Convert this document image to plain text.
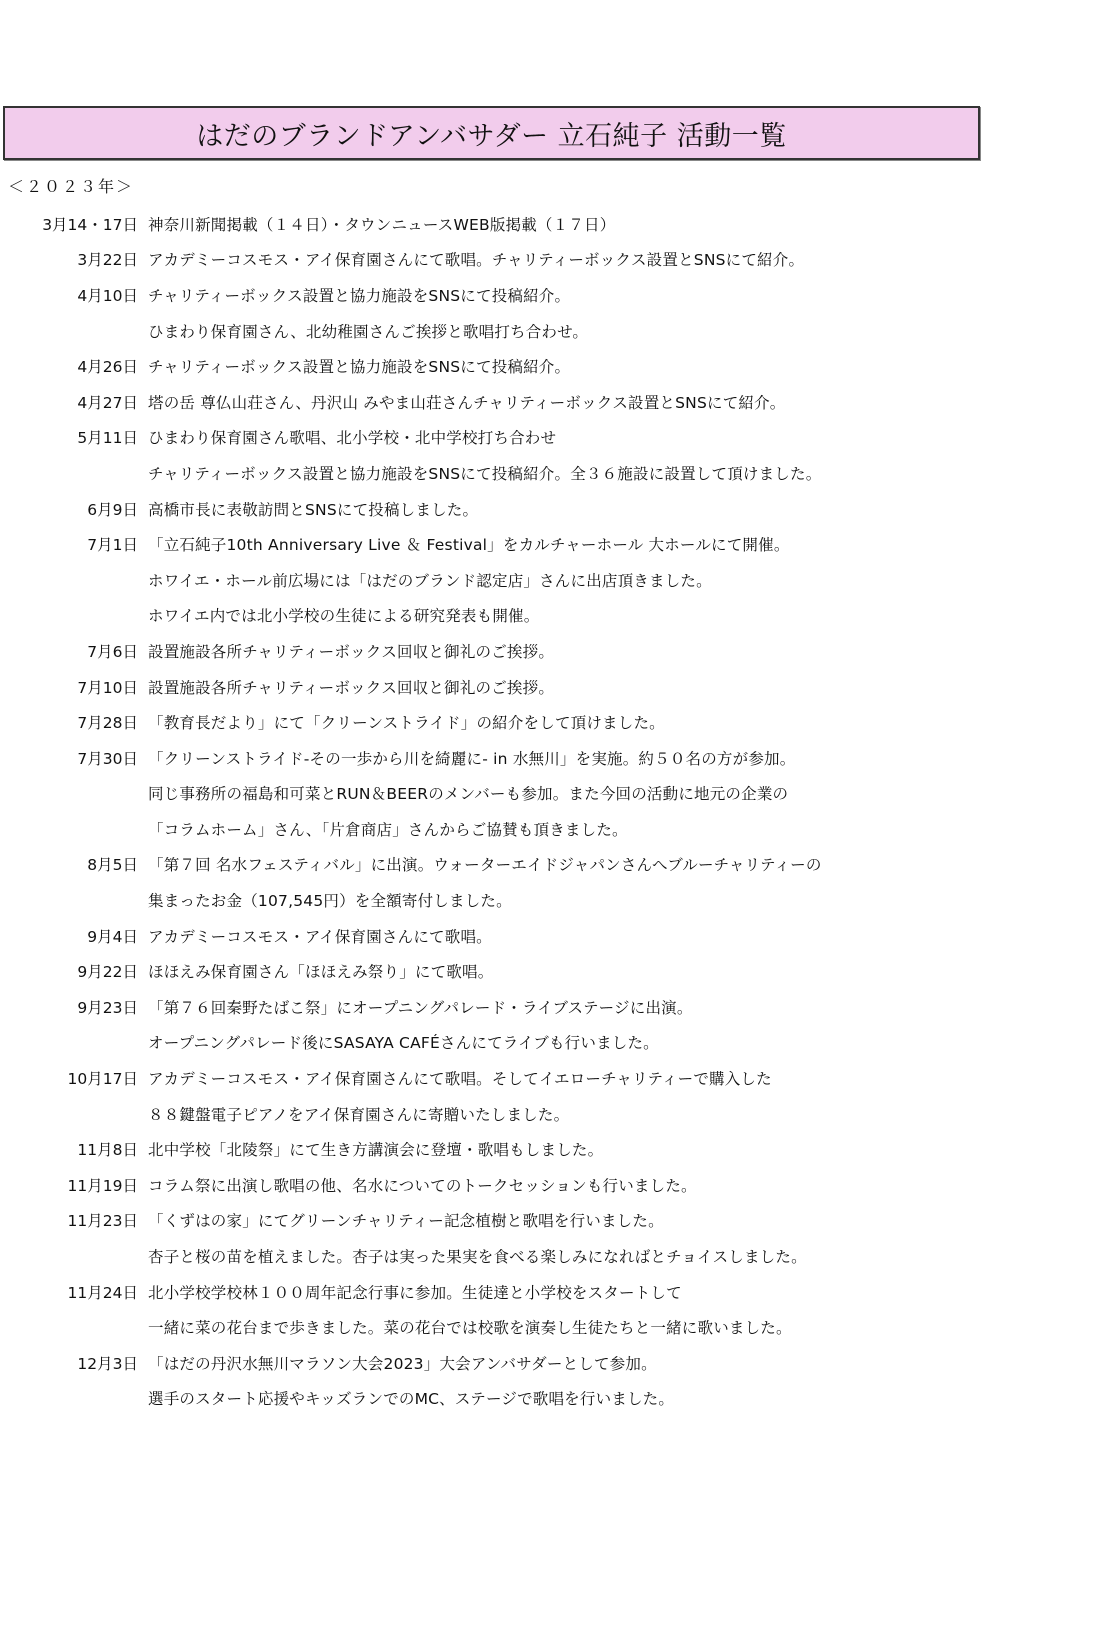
はだのブランドアンバサダー 立石純子 活動一覧
＜２０２３年＞
3月14・17日 神奈川新聞掲載（１４日）・タウンニュースWEB版掲載（１７日）
3月22日 アカデミーコスモス・アイ保育園さんにて歌唱。チャリティーボックス設置とSNSにて紹介。
4月10日 チャリティーボックス設置と協力施設をSNSにて投稿紹介。
ひまわり保育園さん、北幼稚園さんご挨拶と歌唱打ち合わせ。
4月26日 チャリティーボックス設置と協力施設をSNSにて投稿紹介。
4月27日 塔の岳 尊仏山荘さん、丹沢山 みやま山荘さんチャリティーボックス設置とSNSにて紹介。
5月11日 ひまわり保育園さん歌唱、北小学校・北中学校打ち合わせ
チャリティーボックス設置と協力施設をSNSにて投稿紹介。全３６施設に設置して頂けました。
6月9日 高橋市長に表敬訪問とSNSにて投稿しました。
7月1日 「立石純子10th Anniversary Live ＆ Festival」をカルチャーホール 大ホールにて開催。
ホワイエ・ホール前広場には「はだのブランド認定店」さんに出店頂きました。
ホワイエ内では北小学校の生徒による研究発表も開催。
7月6日 設置施設各所チャリティーボックス回収と御礼のご挨拶。
7月10日 設置施設各所チャリティーボックス回収と御礼のご挨拶。
7月28日 「教育長だより」にて「クリーンストライド」の紹介をして頂けました。
7月30日 「クリーンストライド-その一歩から川を綺麗に- in 水無川」を実施。約５０名の方が参加。
同じ事務所の福島和可菜とRUN＆BEERのメンバーも参加。また今回の活動に地元の企業の
「コラムホーム」さん、「片倉商店」さんからご協賛も頂きました。
8月5日 「第７回 名水フェスティバル」に出演。ウォーターエイドジャパンさんへブルーチャリティーの
集まったお金（107,545円）を全額寄付しました。
9月4日 アカデミーコスモス・アイ保育園さんにて歌唱。
9月22日 ほほえみ保育園さん「ほほえみ祭り」にて歌唱。
9月23日 「第７６回秦野たばこ祭」にオープニングパレード・ライブステージに出演。
オープニングパレード後にSASAYA CAFÉさんにてライブも行いました。
10月17日 アカデミーコスモス・アイ保育園さんにて歌唱。そしてイエローチャリティーで購入した
８８鍵盤電子ピアノをアイ保育園さんに寄贈いたしました。
11月8日 北中学校「北陵祭」にて生き方講演会に登壇・歌唱もしました。
11月19日 コラム祭に出演し歌唱の他、名水についてのトークセッションも行いました。
11月23日 「くずはの家」にてグリーンチャリティー記念植樹と歌唱を行いました。
杏子と桜の苗を植えました。杏子は実った果実を食べる楽しみになればとチョイスしました。
11月24日 北小学校学校林１００周年記念行事に参加。生徒達と小学校をスタートして
一緒に菜の花台まで歩きました。菜の花台では校歌を演奏し生徒たちと一緒に歌いました。
12月3日 「はだの丹沢水無川マラソン大会2023」大会アンバサダーとして参加。
選手のスタート応援やキッズランでのMC、ステージで歌唱を行いました。
